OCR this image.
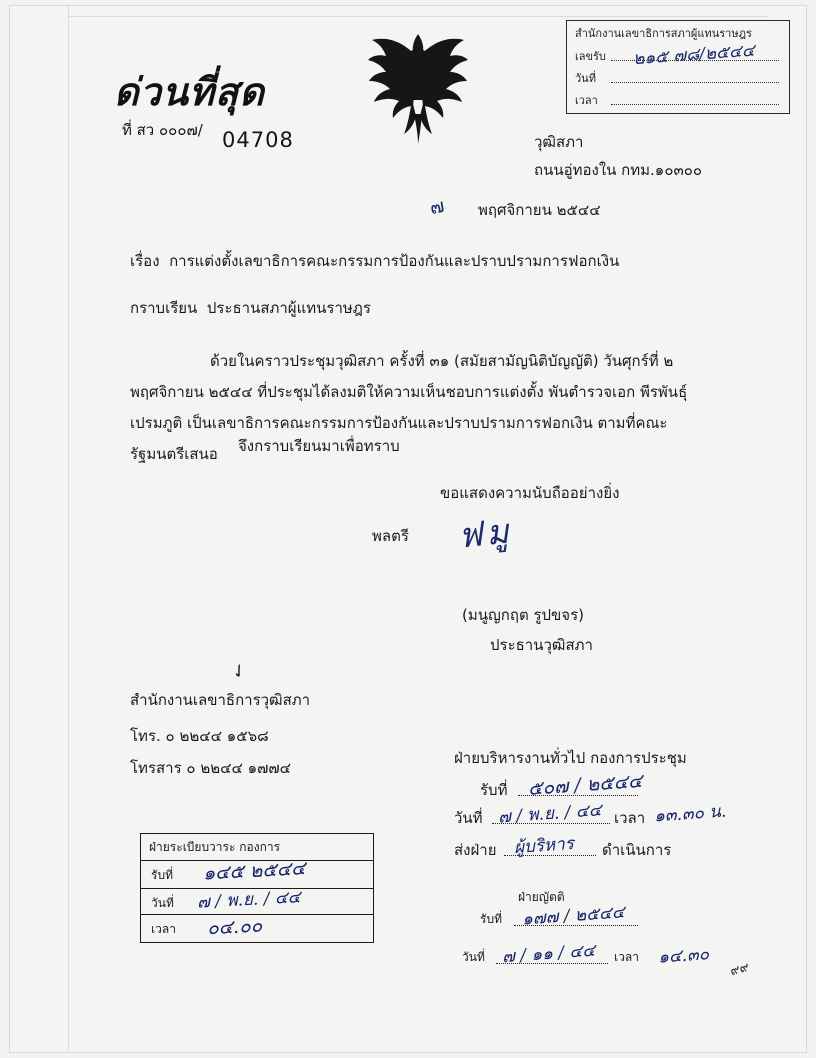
ด่วนที่สุด
ที่ สว ๐๐๐๗/ 04708
สำนักงานเลขาธิการสภาผู้แทนราษฎร
เลขรับ ๒๑๕ ๗๘/๒๕๔๔
วันที่
เวลา
วุฒิสภา
ถนนอู่ทองใน กทม.๑๐๓๐๐
๗ พฤศจิกายน ๒๕๔๔
เรื่อง การแต่งตั้งเลขาธิการคณะกรรมการป้องกันและปราบปรามการฟอกเงิน
กราบเรียน ประธานสภาผู้แทนราษฎร
ด้วยในคราวประชุมวุฒิสภา ครั้งที่ ๓๑ (สมัยสามัญนิติบัญญัติ) วันศุกร์ที่ ๒ พฤศจิกายน ๒๕๔๔ ที่ประชุมได้ลงมติให้ความเห็นชอบการแต่งตั้ง พันตำรวจเอก พีรพันธุ์ เปรมภูติ เป็นเลขาธิการคณะกรรมการป้องกันและปราบปรามการฟอกเงิน ตามที่คณะรัฐมนตรีเสนอ	จึงกราบเรียนมาเพื่อทราบ
ขอแสดงความนับถืออย่างยิ่ง
พลตรี ฟมู
(มนูญกฤต รูปขจร)
ประธานวุฒิสภา
✓
สำนักงานเลขาธิการวุฒิสภา
โทร. ๐ ๒๒๔๔ ๑๕๖๘
โทรสาร ๐ ๒๒๔๔ ๑๗๗๔
ฝ่ายระเบียบวาระ กองการ
รับที่ ๑๔๕ ๒๕๔๔
วันที่ ๗ / พ.ย. / ๔๔
เวลา ๐๔.๐๐
ฝ่ายบริหารงานทั่วไป กองการประชุม
รับที่ ๕๐๗ / ๒๕๔๔
วันที่ ๗ / พ.ย. / ๔๔ เวลา ๑๓.๓๐ น.
ส่งฝ่าย ผู้บริหาร ดำเนินการ
ฝ่ายญัตติ
รับที่ ๑๗๗ / ๒๕๔๔
วันที่ ๗ / ๑๑ / ๔๔ เวลา ๑๔.๓๐
๙๙
